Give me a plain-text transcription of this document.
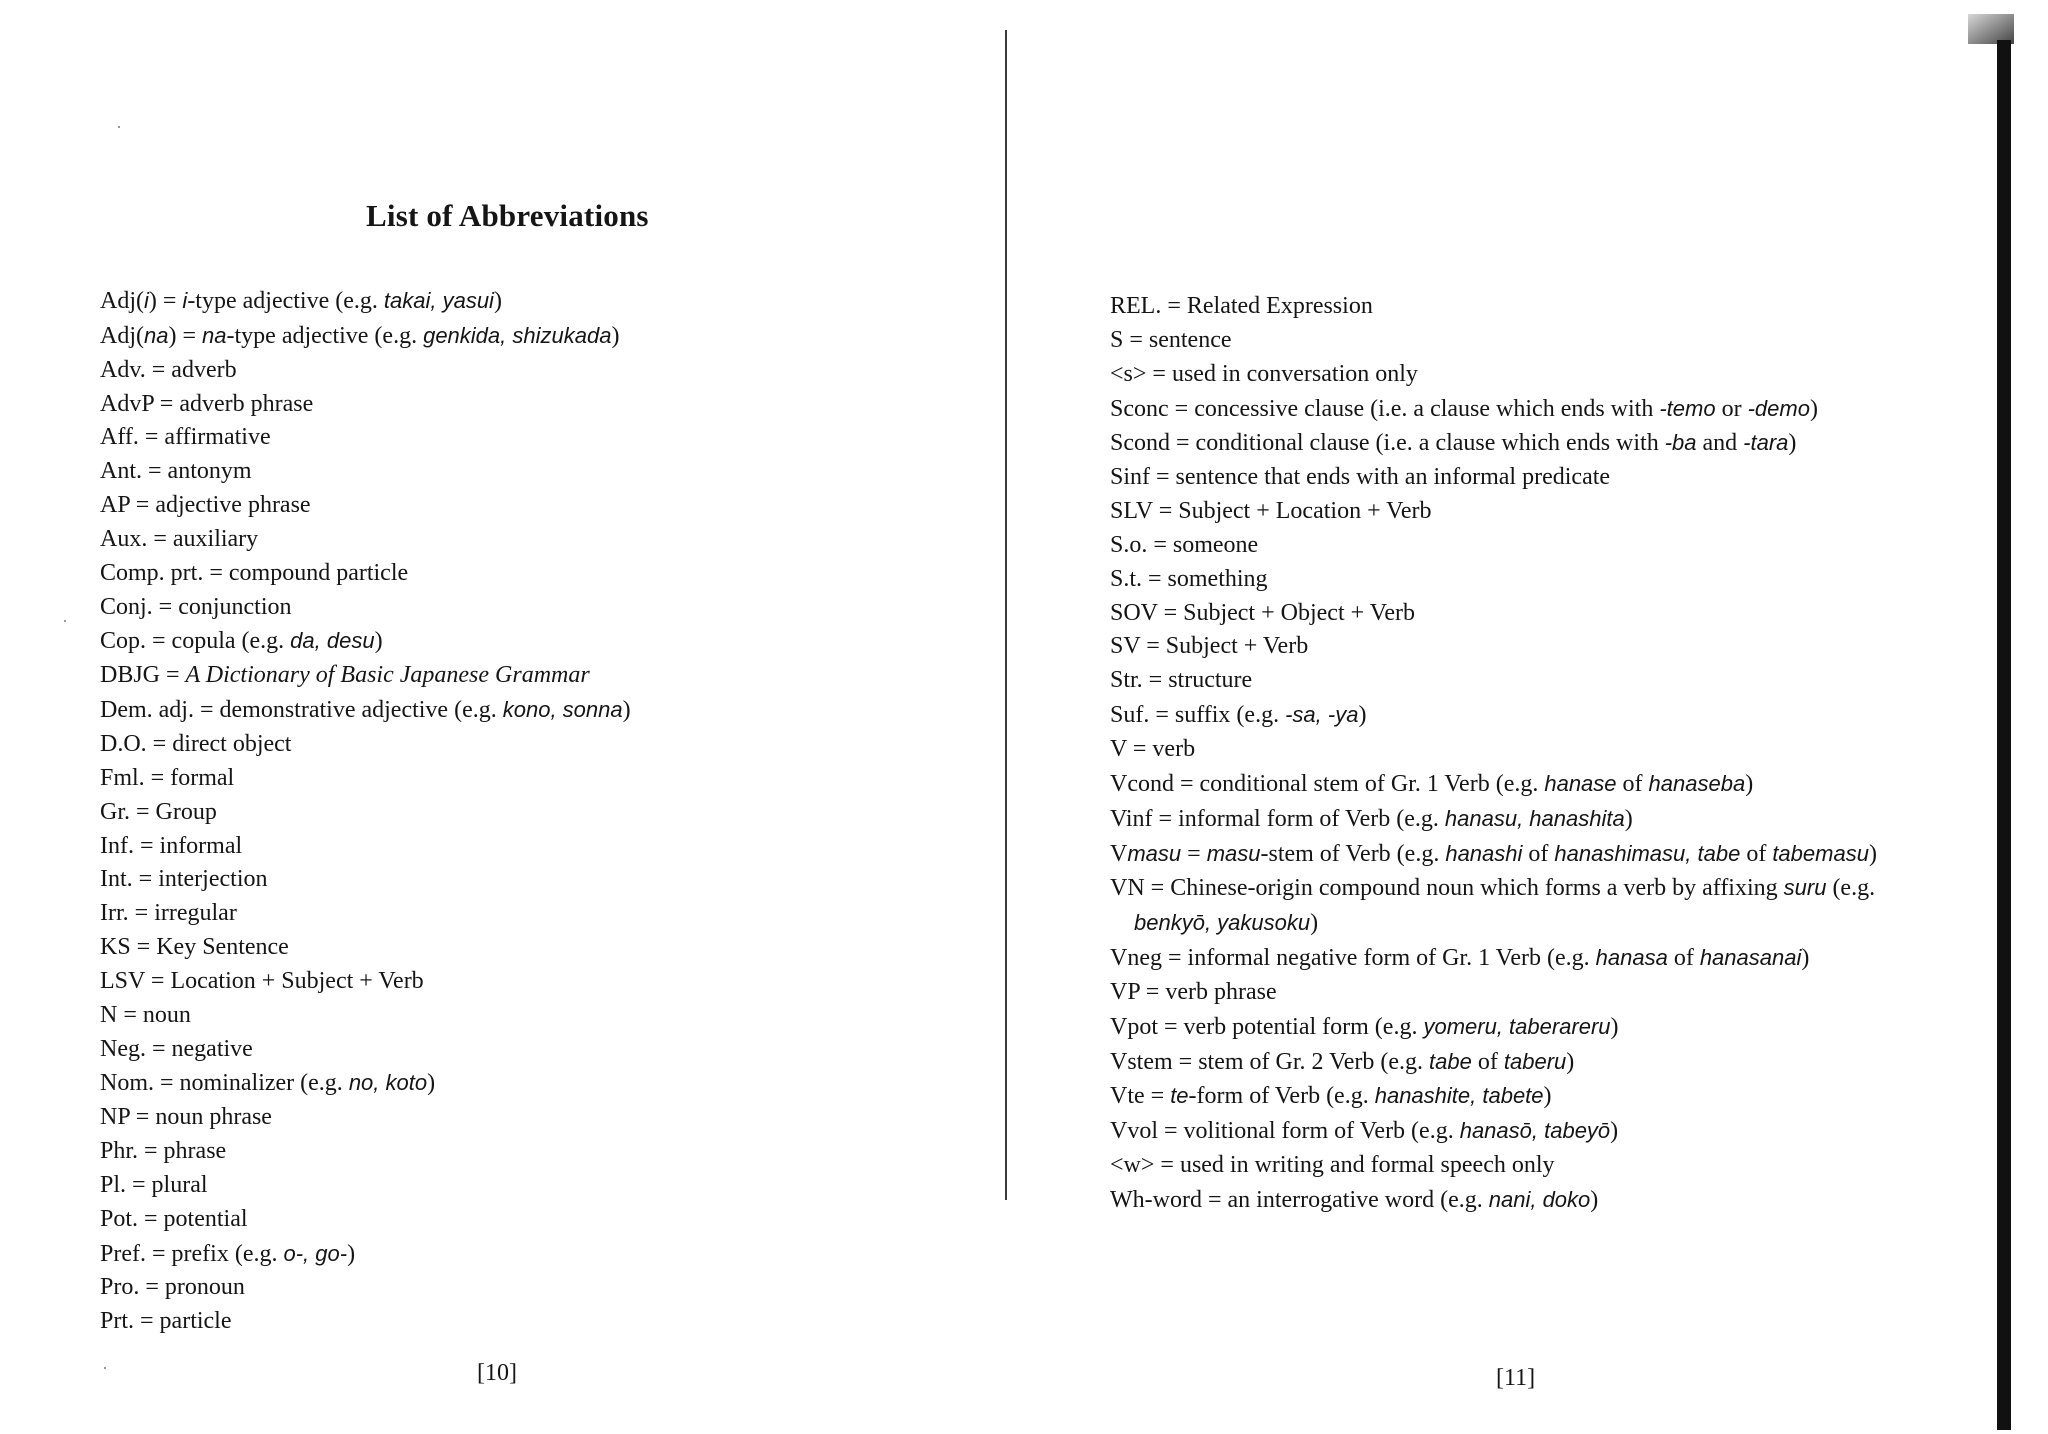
List of Abbreviations
Adj(i) = i-type adjective (e.g. takai, yasui)
Adj(na) = na-type adjective (e.g. genkida, shizukada)
Adv. = adverb
AdvP = adverb phrase
Aff. = affirmative
Ant. = antonym
AP = adjective phrase
Aux. = auxiliary
Comp. prt. = compound particle
Conj. = conjunction
Cop. = copula (e.g. da, desu)
DBJG = A Dictionary of Basic Japanese Grammar
Dem. adj. = demonstrative adjective (e.g. kono, sonna)
D.O. = direct object
Fml. = formal
Gr. = Group
Inf. = informal
Int. = interjection
Irr. = irregular
KS = Key Sentence
LSV = Location + Subject + Verb
N = noun
Neg. = negative
Nom. = nominalizer (e.g. no, koto)
NP = noun phrase
Phr. = phrase
Pl. = plural
Pot. = potential
Pref. = prefix (e.g. o-, go-)
Pro. = pronoun
Prt. = particle
[10]
REL. = Related Expression
S = sentence
<s> = used in conversation only
Sconc = concessive clause (i.e. a clause which ends with -temo or -demo)
Scond = conditional clause (i.e. a clause which ends with -ba and -tara)
Sinf = sentence that ends with an informal predicate
SLV = Subject + Location + Verb
S.o. = someone
S.t. = something
SOV = Subject + Object + Verb
SV = Subject + Verb
Str. = structure
Suf. = suffix (e.g. -sa, -ya)
V = verb
Vcond = conditional stem of Gr. 1 Verb (e.g. hanase of hanaseba)
Vinf = informal form of Verb (e.g. hanasu, hanashita)
Vmasu = masu-stem of Verb (e.g. hanashi of hanashimasu, tabe of tabemasu)
VN = Chinese-origin compound noun which forms a verb by affixing suru (e.g.
benkyō, yakusoku)
Vneg = informal negative form of Gr. 1 Verb (e.g. hanasa of hanasanai)
VP = verb phrase
Vpot = verb potential form (e.g. yomeru, taberareru)
Vstem = stem of Gr. 2 Verb (e.g. tabe of taberu)
Vte = te-form of Verb (e.g. hanashite, tabete)
Vvol = volitional form of Verb (e.g. hanasō, tabeyō)
<w> = used in writing and formal speech only
Wh-word = an interrogative word (e.g. nani, doko)
[11]
